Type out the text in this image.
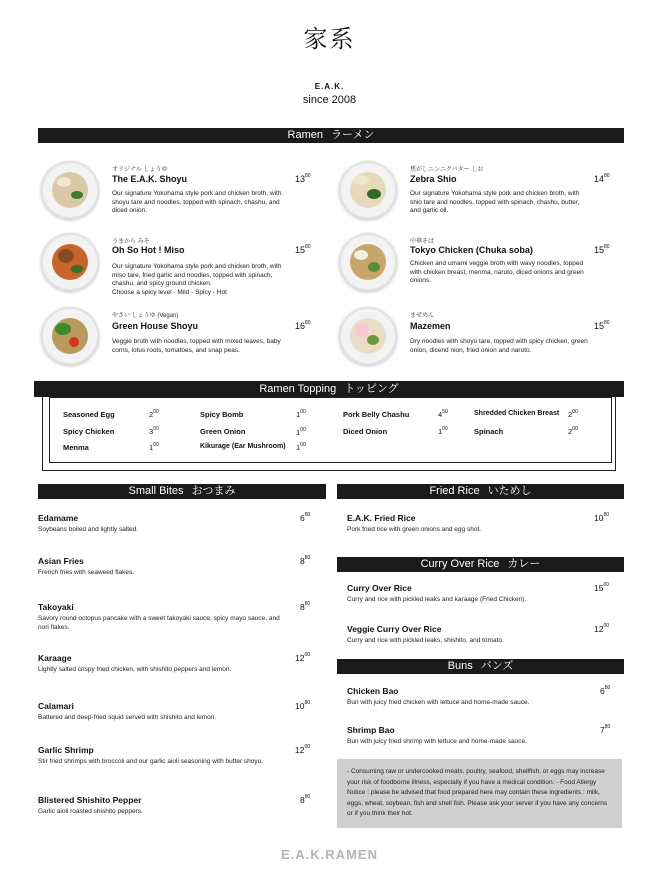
家系
E.A.K.
since 2008
Ramen ラーメン
オリジナル しょうゆ
The E.A.K. Shoyu	$13^{80}$
Our signature Yokohama style pork and chicken broth, with shoyu tare and noodles, topped with spinach, chashu, and diced onion.
焦がしニンニクバター しお
Zebra Shio	$14^{80}$
Our signature Yokohama style pork and chicken broth, with shio tare and noodles, topped with spinach, chashu, butter, and garlic oil.
うまから みそ
Oh So Hot ! Miso	$15^{80}$
Our signature Yokohama style pork and chicken broth, with miso tare, fried garlic and noodles, topped with spinach, chashu, and spicy ground chicken.
Choose a spicy level - Mild - Spicy - Hot
中華そば
Tokyo Chicken (Chuka soba)	$15^{80}$
Chicken and umami veggie broth with wavy noodles, topped with chicken breast, menma, naruto, diced onions and green onions.
やさい しょうゆ (Vegan)
Green House Shoyu	$16^{80}$
Veggie broth with noodles, topped with mixed leaves, baby corns, lotus roots, tomatoes, and snap peas.
まぜめん
Mazemen	$15^{80}$
Dry noodles with shoyu tare, topped with spicy chicken, green onion, dicend nion, fried onion and naruto.
Ramen Topping トッピング
Seasoned Egg	$2^{00}$	Spicy Bomb	$1^{00}$	Pork Belly Chashu	$4^{50}$	Shredded Chicken Breast $2^{00}$
Spicy Chicken	$3^{00}$	Green Onion	$1^{00}$	Diced Onion	$1^{00}$	Spinach	$2^{00}$
Menma	$1^{00}$	Kikurage (Ear Mushroom) $1^{00}$
Small Bites おつまみ
Edamame	$6^{80}$
Soybeans boiled and lightly salted.
Asian Fries	$8^{80}$
French fries with seaweed flakes.
Takoyaki	$8^{80}$
Savory round octopus pancake with a sweet takoyaki sauce, spicy mayo sauce, and nori flakes.
Karaage	$12^{00}$
Lightly salted crispy fried chicken, with shishito peppers and lemon.
Calamari	$10^{80}$
Battered and deep-fried squid served with shishito and lemon.
Garlic Shrimp	$12^{00}$
Stir fried shrimps with broccoli and our garlic aioli seasoning with butter shoyu.
Blistered Shishito Pepper	$8^{80}$
Garlic aioli roasted shishito peppers.
Fried Rice いためし
E.A.K. Fried Rice	$10^{80}$
Pork fried rice with green onions and egg shot.
Curry Over Rice カレー
Curry Over Rice	$15^{00}$
Curry and rice with pickled leaks and karaage (Fried Chicken).
Veggie Curry Over Rice	$12^{00}$
Curry and rice with pickled leaks, shishito, and tomato.
Buns バンズ
Chicken Bao	$6^{80}$
Bun with juicy fried chicken with lettuce and home-made sauce.
Shrimp Bao	$7^{80}$
Bun with juicy fried shrimp with lettuce and home-made sauce.
- Consuming raw or undercooked meats, poultry, seafood, shellfish, or eggs may increase your risk of foodborne illness, especially if you have a medical condition. - Food Allergy Notice : please be advised that food prepared here may contain these ingredients : milk, eggs, wheat, soybean, fish and shell fish. Please ask your server if you have any concerns or if you think their hot.
E.A.K.RAMEN
